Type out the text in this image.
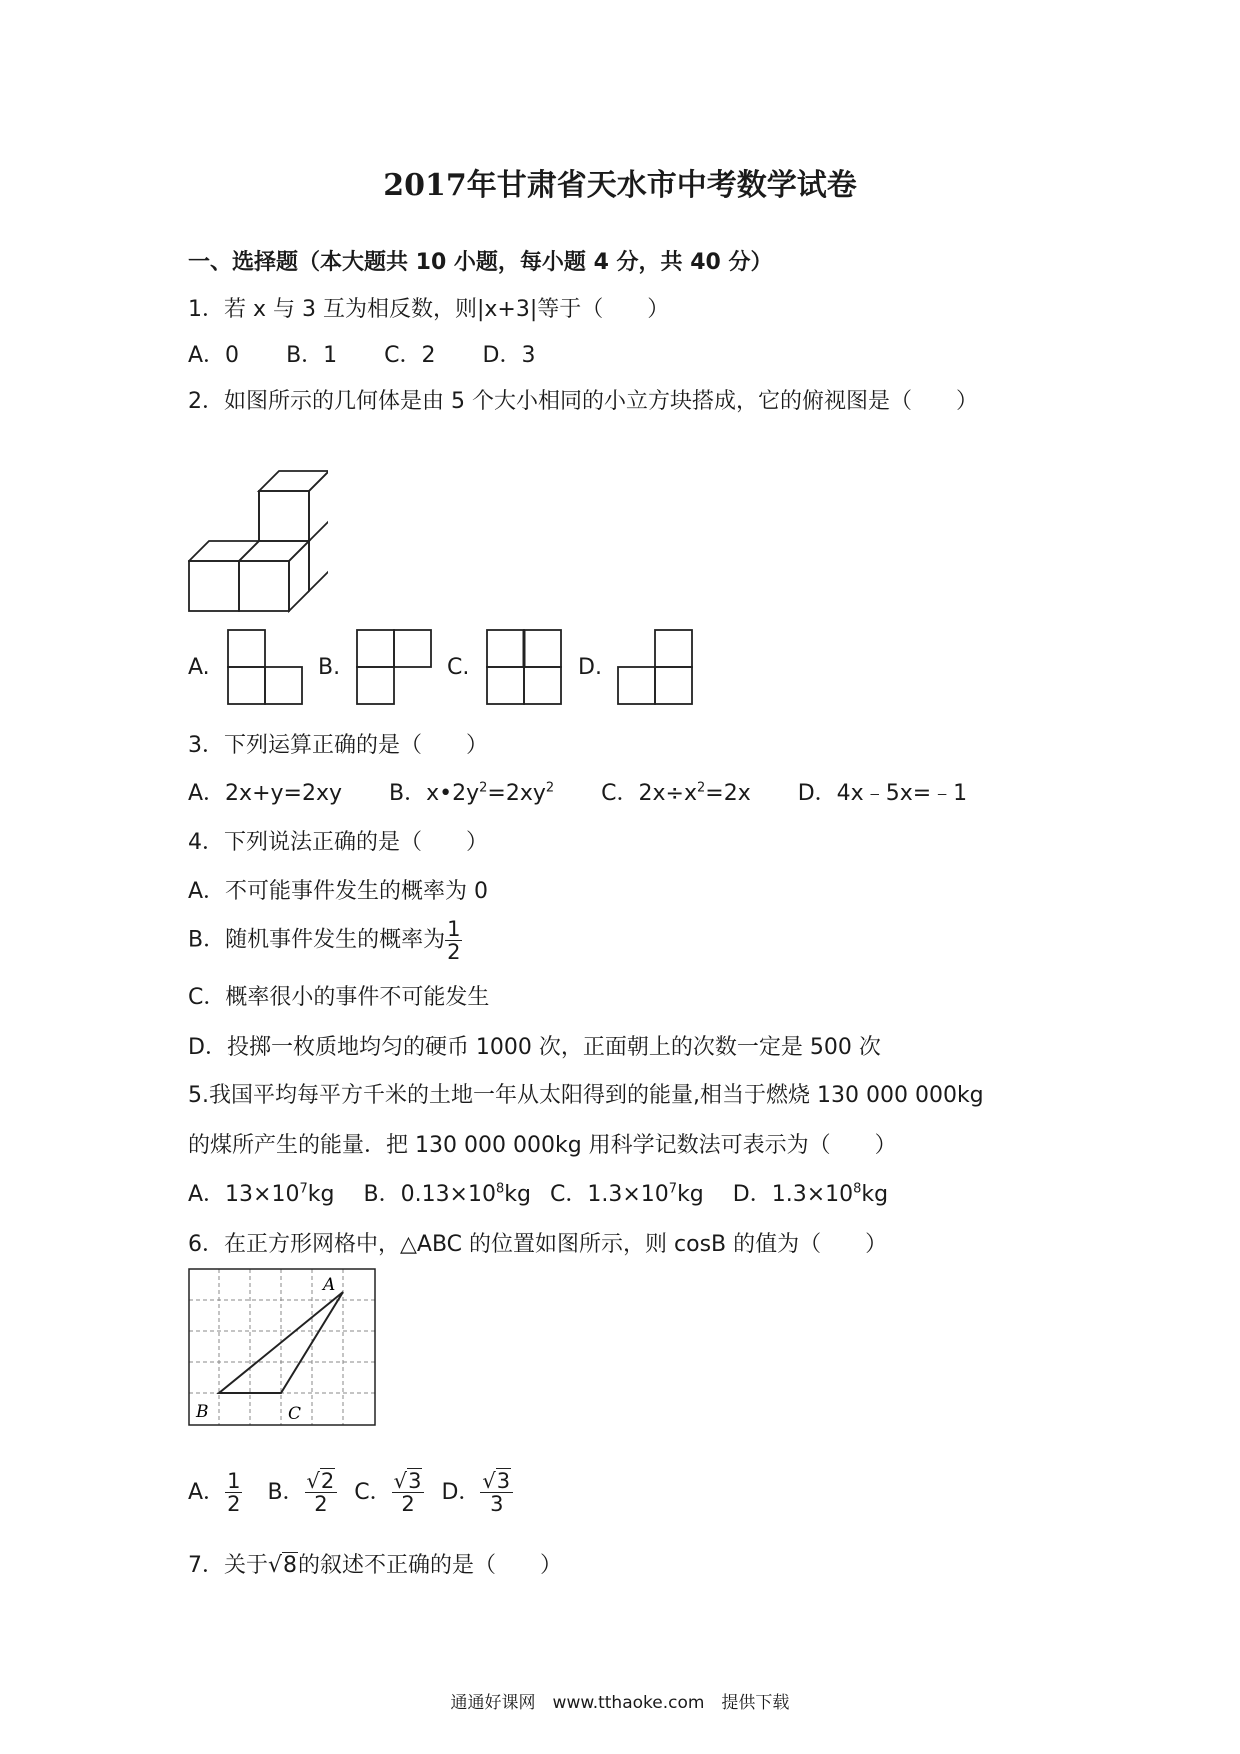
2017年甘肃省天水市中考数学试卷
一、选择题（本大题共 10 小题，每小题 4 分，共 40 分）
1．若 x 与 3 互为相反数，则|x+3|等于（　　）
A．0 B．1 C．2 D．3
2．如图所示的几何体是由 5 个大小相同的小立方块搭成，它的俯视图是（　　）
A.	B.	C.	D.
3．下列运算正确的是（　　）
A．2x+y=2xy B．$x•2y^2=2xy^2$ C．$2x\div x^2=2x$ D．4x﹣5x=﹣1
4．下列说法正确的是（　　）
A．不可能事件发生的概率为 0
B．随机事件发生的概率为 $\frac{1}{2}$
C．概率很小的事件不可能发生
D．投掷一枚质地均匀的硬币 1000 次，正面朝上的次数一定是 500 次
5.我国平均每平方千米的土地一年从太阳得到的能量,相当于燃烧 130 000 000kg
的煤所产生的能量．把 130 000 000kg 用科学记数法可表示为（　　）
A．$13\times 10^7kg$ B．$0.13\times 10^8kg$ C．$1.3\times 10^7kg$ D．$1.3\times 10^8kg$
6．在正方形网格中，△ABC 的位置如图所示，则 cosB 的值为（　　）
A
B	C
A． $\frac{1}{2}$ B． $\frac{√2}{2}$ C． $\frac{√3}{2}$ D． $\frac{√3}{3}$
7．关于√8的叙述不正确的是（　　）
通通好课网　www.tthaoke.com　提供下载
